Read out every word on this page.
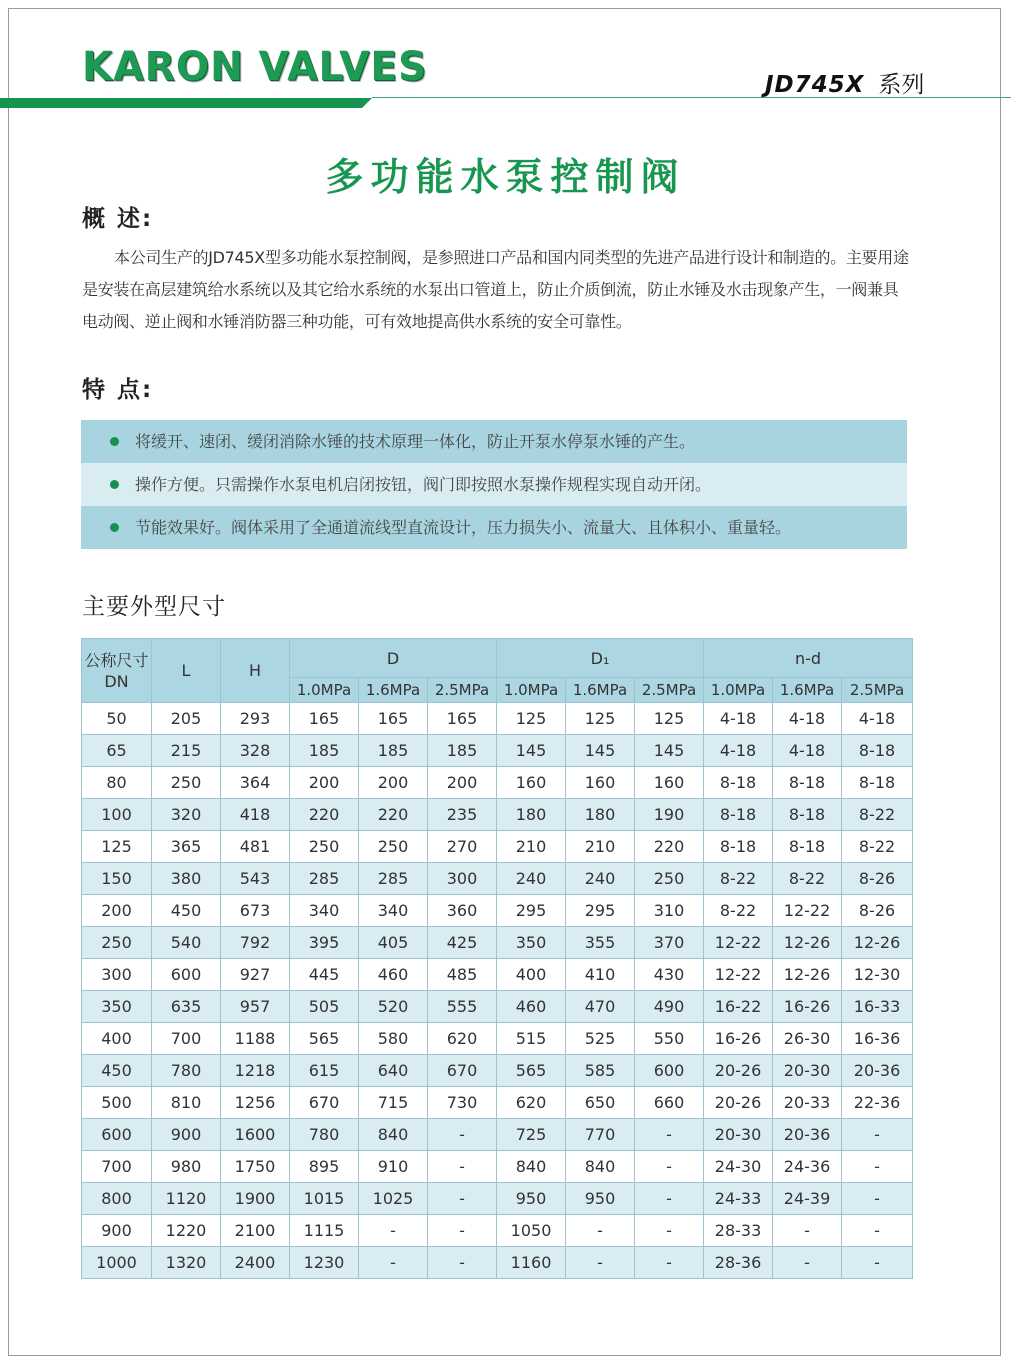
KARON VALVES	JD745X 系列
多功能水泵控制阀
概 述:
本公司生产的JD745X型多功能水泵控制阀，是参照进口产品和国内同类型的先进产品进行设计和制造的。主要用途是安装在高层建筑给水系统以及其它给水系统的水泵出口管道上，防止介质倒流，防止水锤及水击现象产生，一阀兼具电动阀、逆止阀和水锤消防器三种功能，可有效地提高供水系统的安全可靠性。
特 点:
将缓开、速闭、缓闭消除水锤的技术原理一体化，防止开泵水停泵水锤的产生。
操作方便。只需操作水泵电机启闭按钮，阀门即按照水泵操作规程实现自动开闭。
节能效果好。阀体采用了全通道流线型直流设计，压力损失小、流量大、且体积小、重量轻。
主要外型尺寸
公称尺寸
DN	L	H	D			D₁			n-d		
			1.0MPa	1.6MPa	2.5MPa	1.0MPa	1.6MPa	2.5MPa	1.0MPa	1.6MPa	2.5MPa
50	205	293	165	165	165	125	125	125	4-18	4-18	4-18
65	215	328	185	185	185	145	145	145	4-18	4-18	8-18
80	250	364	200	200	200	160	160	160	8-18	8-18	8-18
100	320	418	220	220	235	180	180	190	8-18	8-18	8-22
125	365	481	250	250	270	210	210	220	8-18	8-18	8-22
150	380	543	285	285	300	240	240	250	8-22	8-22	8-26
200	450	673	340	340	360	295	295	310	8-22	12-22	8-26
250	540	792	395	405	425	350	355	370	12-22	12-26	12-26
300	600	927	445	460	485	400	410	430	12-22	12-26	12-30
350	635	957	505	520	555	460	470	490	16-22	16-26	16-33
400	700	1188	565	580	620	515	525	550	16-26	26-30	16-36
450	780	1218	615	640	670	565	585	600	20-26	20-30	20-36
500	810	1256	670	715	730	620	650	660	20-26	20-33	22-36
600	900	1600	780	840	-	725	770	-	20-30	20-36	-
700	980	1750	895	910	-	840	840	-	24-30	24-36	-
800	1120	1900	1015	1025	-	950	950	-	24-33	24-39	-
900	1220	2100	1115	-	-	1050	-	-	28-33	-	-
1000	1320	2400	1230	-	-	1160	-	-	28-36	-	-
